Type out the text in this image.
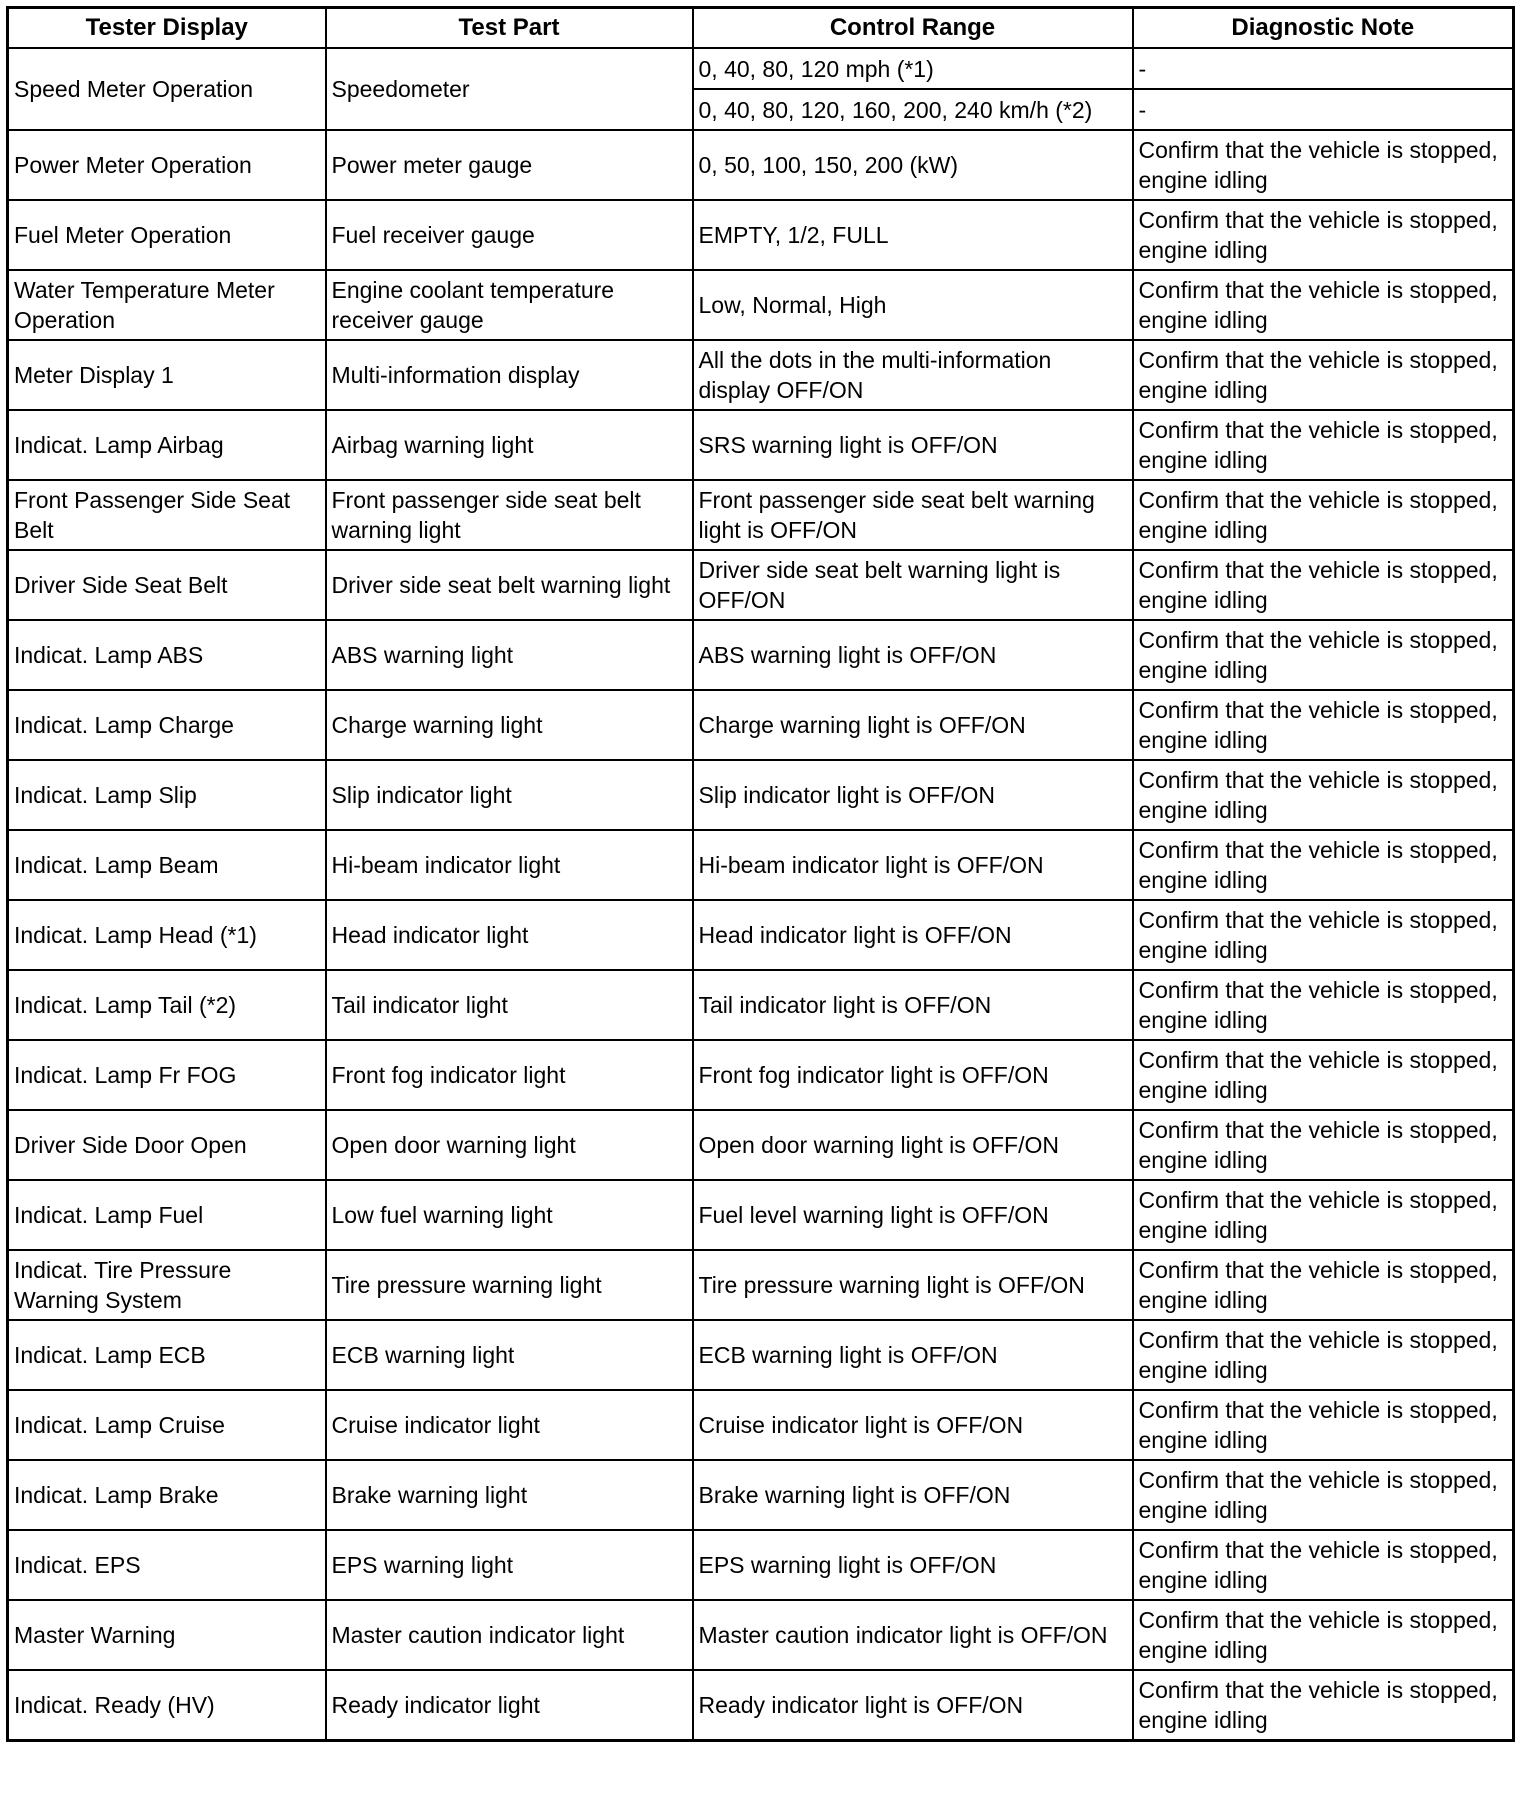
Tester Display	Test Part	Control Range	Diagnostic Note
Speed Meter Operation	Speedometer	0, 40, 80, 120 mph (*1)	-
		0, 40, 80, 120, 160, 200, 240 km/h (*2)	-
Power Meter Operation	Power meter gauge	0, 50, 100, 150, 200 (kW)	Confirm that the vehicle is stopped, engine idling
Fuel Meter Operation	Fuel receiver gauge	EMPTY, 1/2, FULL	Confirm that the vehicle is stopped, engine idling
Water Temperature Meter Operation	Engine coolant temperature receiver gauge	Low, Normal, High	Confirm that the vehicle is stopped, engine idling
Meter Display 1	Multi-information display	All the dots in the multi-information display OFF/ON	Confirm that the vehicle is stopped, engine idling
Indicat. Lamp Airbag	Airbag warning light	SRS warning light is OFF/ON	Confirm that the vehicle is stopped, engine idling
Front Passenger Side Seat Belt	Front passenger side seat belt warning light	Front passenger side seat belt warning light is OFF/ON	Confirm that the vehicle is stopped, engine idling
Driver Side Seat Belt	Driver side seat belt warning light	Driver side seat belt warning light is OFF/ON	Confirm that the vehicle is stopped, engine idling
Indicat. Lamp ABS	ABS warning light	ABS warning light is OFF/ON	Confirm that the vehicle is stopped, engine idling
Indicat. Lamp Charge	Charge warning light	Charge warning light is OFF/ON	Confirm that the vehicle is stopped, engine idling
Indicat. Lamp Slip	Slip indicator light	Slip indicator light is OFF/ON	Confirm that the vehicle is stopped, engine idling
Indicat. Lamp Beam	Hi-beam indicator light	Hi-beam indicator light is OFF/ON	Confirm that the vehicle is stopped, engine idling
Indicat. Lamp Head (*1)	Head indicator light	Head indicator light is OFF/ON	Confirm that the vehicle is stopped, engine idling
Indicat. Lamp Tail (*2)	Tail indicator light	Tail indicator light is OFF/ON	Confirm that the vehicle is stopped, engine idling
Indicat. Lamp Fr FOG	Front fog indicator light	Front fog indicator light is OFF/ON	Confirm that the vehicle is stopped, engine idling
Driver Side Door Open	Open door warning light	Open door warning light is OFF/ON	Confirm that the vehicle is stopped, engine idling
Indicat. Lamp Fuel	Low fuel warning light	Fuel level warning light is OFF/ON	Confirm that the vehicle is stopped, engine idling
Indicat. Tire Pressure Warning System	Tire pressure warning light	Tire pressure warning light is OFF/ON	Confirm that the vehicle is stopped, engine idling
Indicat. Lamp ECB	ECB warning light	ECB warning light is OFF/ON	Confirm that the vehicle is stopped, engine idling
Indicat. Lamp Cruise	Cruise indicator light	Cruise indicator light is OFF/ON	Confirm that the vehicle is stopped, engine idling
Indicat. Lamp Brake	Brake warning light	Brake warning light is OFF/ON	Confirm that the vehicle is stopped, engine idling
Indicat. EPS	EPS warning light	EPS warning light is OFF/ON	Confirm that the vehicle is stopped, engine idling
Master Warning	Master caution indicator light	Master caution indicator light is OFF/ON	Confirm that the vehicle is stopped, engine idling
Indicat. Ready (HV)	Ready indicator light	Ready indicator light is OFF/ON	Confirm that the vehicle is stopped, engine idling
